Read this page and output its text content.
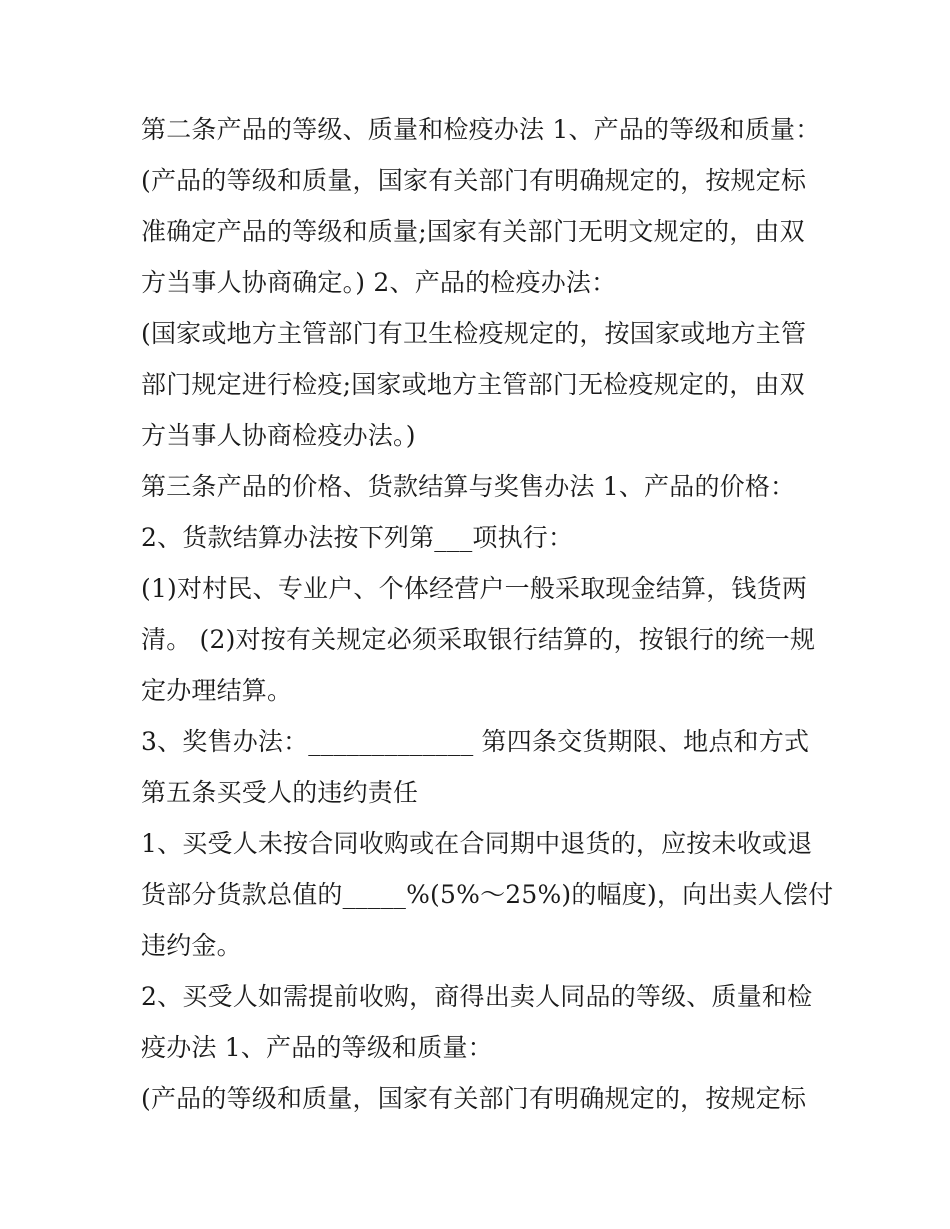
第二条产品的等级、质量和检疫办法 1、产品的等级和质量：
(产品的等级和质量，国家有关部门有明确规定的，按规定标
准确定产品的等级和质量;国家有关部门无明文规定的，由双
方当事人协商确定。) 2、产品的检疫办法：
(国家或地方主管部门有卫生检疫规定的，按国家或地方主管
部门规定进行检疫;国家或地方主管部门无检疫规定的，由双
方当事人协商检疫办法。)
第三条产品的价格、货款结算与奖售办法 1、产品的价格：
2、货款结算办法按下列第___项执行：
(1)对村民、专业户、个体经营户一般采取现金结算，钱货两
清。 (2)对按有关规定必须采取银行结算的，按银行的统一规
定办理结算。
3、奖售办法：_____________ 第四条交货期限、地点和方式
第五条买受人的违约责任
1、买受人未按合同收购或在合同期中退货的，应按未收或退
货部分货款总值的_____%(5%～25%)的幅度)，向出卖人偿付
违约金。
2、买受人如需提前收购，商得出卖人同品的等级、质量和检
疫办法 1、产品的等级和质量：
(产品的等级和质量，国家有关部门有明确规定的，按规定标
